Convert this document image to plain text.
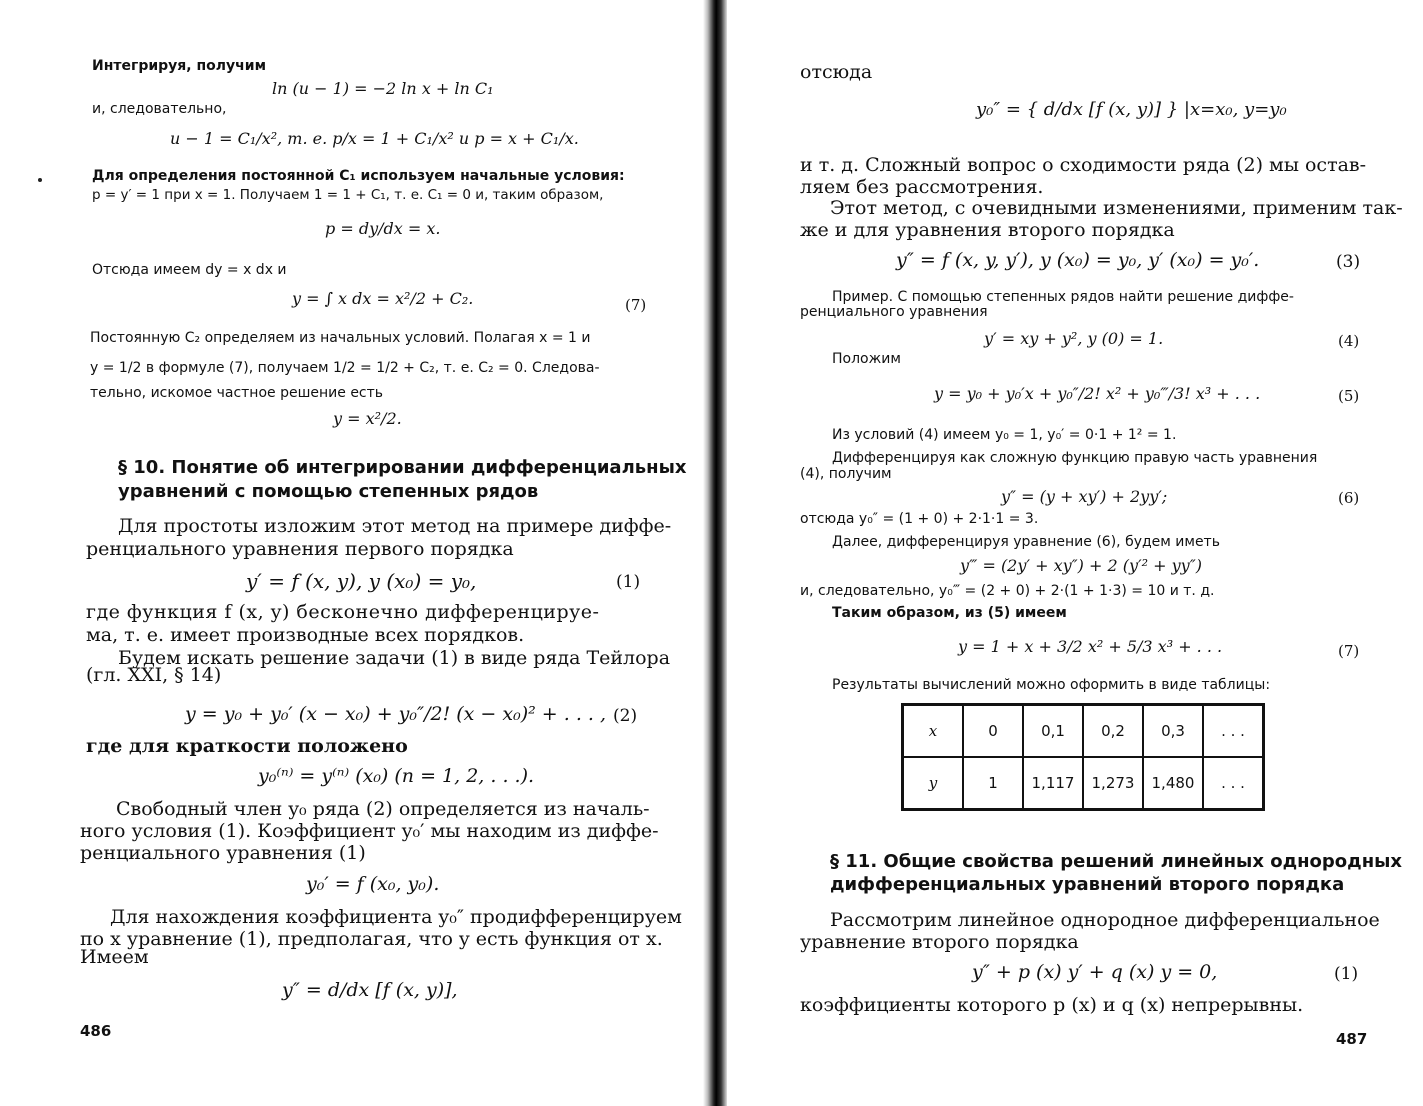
Интегрируя, получим
ln (u − 1) = −2 ln x + ln C₁
и, следовательно,
u − 1 = C₁/x², т. е. p/x = 1 + C₁/x² и p = x + C₁/x.
Для определения постоянной C₁ используем начальные условия:
p = y′ = 1 при x = 1. Получаем 1 = 1 + C₁, т. е. C₁ = 0 и, таким образом,
p = dy/dx = x.
Отсюда имеем dy = x dx и
y = ∫ x dx = x²/2 + C₂.	(7)
Постоянную C₂ определяем из начальных условий. Полагая x = 1 и
y = 1/2 в формуле (7), получаем 1/2 = 1/2 + C₂, т. е. C₂ = 0. Следова-
тельно, искомое частное решение есть
y = x²/2.
§ 10. Понятие об интегрировании дифференциальных
уравнений с помощью степенных рядов
Для простоты изложим этот метод на примере диффе-
ренциального уравнения первого порядка
y′ = f (x, y), y (x₀) = y₀,	(1)
где функция f (x, y) бесконечно дифференцируе-
ма, т. е. имеет производные всех порядков.
Будем искать решение задачи (1) в виде ряда Тейлора
(гл. XXI, § 14)
y = y₀ + y₀′ (x − x₀) + y₀″/2! (x − x₀)² + . . . , (2)
где для краткости положено
y₀⁽ⁿ⁾ = y⁽ⁿ⁾ (x₀) (n = 1, 2, . . .).
Свободный член y₀ ряда (2) определяется из началь-
ного условия (1). Коэффициент y₀′ мы находим из диффе-
ренциального уравнения (1)
y₀′ = f (x₀, y₀).
Для нахождения коэффициента y₀″ продифференцируем
по x уравнение (1), предполагая, что y есть функция от x.
Имеем
y″ = d/dx [f (x, y)],
486
отсюда
y₀″ = { d/dx [f (x, y)] } |x=x₀, y=y₀
и т. д. Сложный вопрос о сходимости ряда (2) мы остав-
ляем без рассмотрения.
Этот метод, с очевидными изменениями, применим так-
же и для уравнения второго порядка
y″ = f (x, y, y′), y (x₀) = y₀, y′ (x₀) = y₀′.	(3)
Пример. С помощью степенных рядов найти решение диффе-
ренциального уравнения
y′ = xy + y², y (0) = 1.	(4)
Положим
y = y₀ + y₀′x + y₀″/2! x² + y₀‴/3! x³ + . . .	(5)
Из условий (4) имеем y₀ = 1, y₀′ = 0·1 + 1² = 1.
Дифференцируя как сложную функцию правую часть уравнения
(4), получим
y″ = (y + xy′) + 2yy′;	(6)
отсюда y₀″ = (1 + 0) + 2·1·1 = 3.
Далее, дифференцируя уравнение (6), будем иметь
y‴ = (2y′ + xy″) + 2 (y′² + yy″)
и, следовательно, y₀‴ = (2 + 0) + 2·(1 + 1·3) = 10 и т. д.
Таким образом, из (5) имеем
y = 1 + x + 3/2 x² + 5/3 x³ + . . .	(7)
Результаты вычислений можно оформить в виде таблицы:
x	0	0,1	0,2	0,3	. . .
y	1	1,117	1,273	1,480	. . .
§ 11. Общие свойства решений линейных однородных
дифференциальных уравнений второго порядка
Рассмотрим линейное однородное дифференциальное
уравнение второго порядка
y″ + p (x) y′ + q (x) y = 0,	(1)
коэффициенты которого p (x) и q (x) непрерывны.
487
